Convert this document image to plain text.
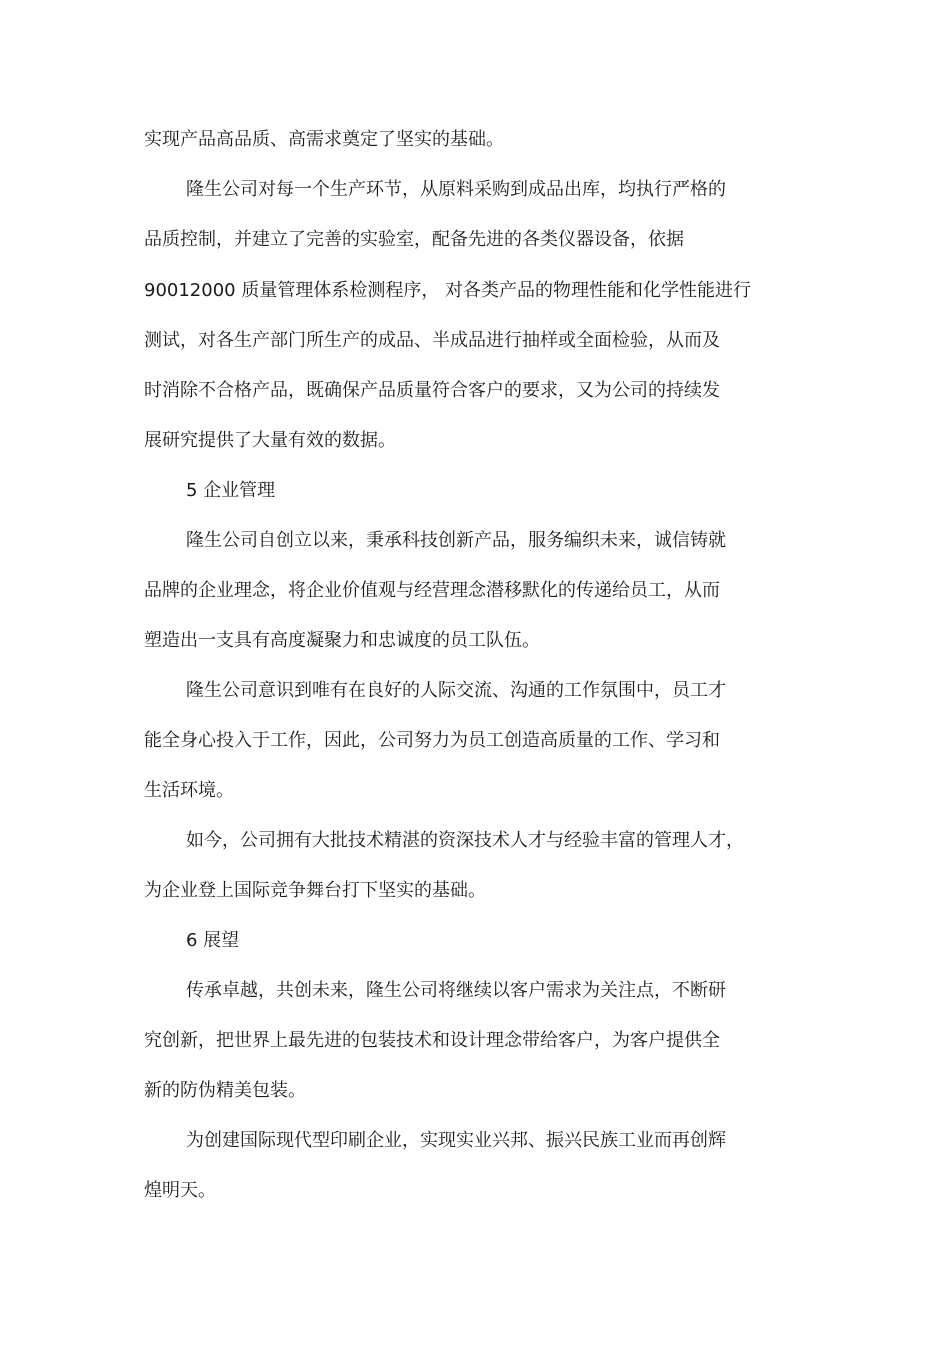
实现产品高品质、高需求奠定了坚实的基础。
隆生公司对每一个生产环节，从原料采购到成品出库，均执行严格的
品质控制，并建立了完善的实验室，配备先进的各类仪器设备，依据
90012000 质量管理体系检测程序， 对各类产品的物理性能和化学性能进行
测试，对各生产部门所生产的成品、半成品进行抽样或全面检验，从而及
时消除不合格产品，既确保产品质量符合客户的要求，又为公司的持续发
展研究提供了大量有效的数据。
5 企业管理
隆生公司自创立以来，秉承科技创新产品，服务编织未来，诚信铸就
品牌的企业理念，将企业价值观与经营理念潜移默化的传递给员工，从而
塑造出一支具有高度凝聚力和忠诚度的员工队伍。
隆生公司意识到唯有在良好的人际交流、沟通的工作氛围中，员工才
能全身心投入于工作，因此，公司努力为员工创造高质量的工作、学习和
生活环境。
如今，公司拥有大批技术精湛的资深技术人才与经验丰富的管理人才，
为企业登上国际竞争舞台打下坚实的基础。
6 展望
传承卓越，共创未来，隆生公司将继续以客户需求为关注点，不断研
究创新，把世界上最先进的包装技术和设计理念带给客户，为客户提供全
新的防伪精美包装。
为创建国际现代型印刷企业，实现实业兴邦、振兴民族工业而再创辉
煌明天。
